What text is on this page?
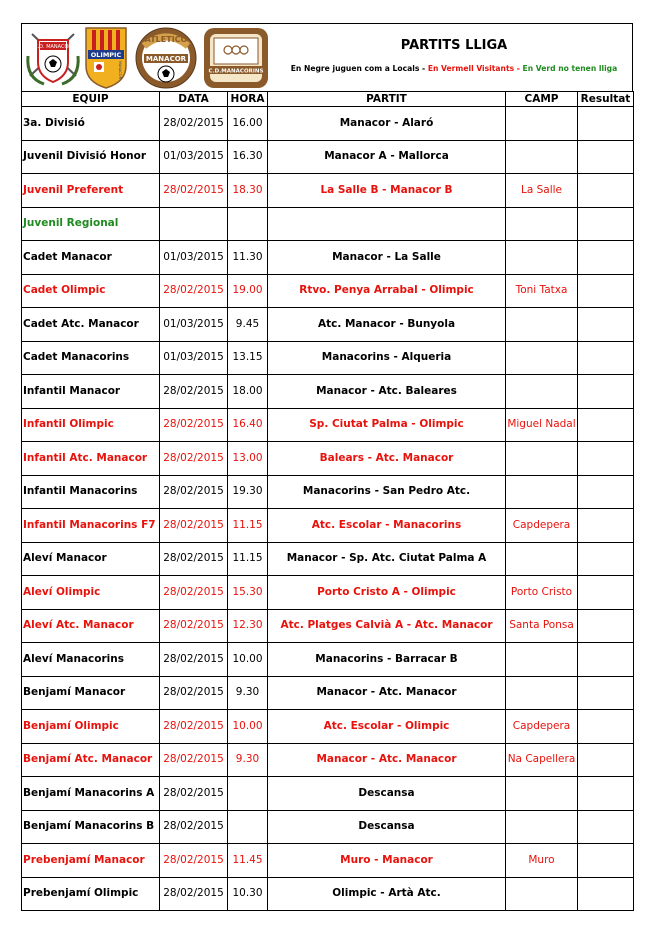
C.D. MANACOR
OLIMPIC
MANACOR
ATLETICO
MANACOR
C.D.MANACORINS
PARTITS LLIGA
En Negre juguen com a Locals - En Vermell Visitants - En Verd no tenen lliga
EQUIP	DATA	HORA	PARTIT	CAMP	Resultat
3a. Divisió	28/02/2015	16.00	Manacor - Alaró		
Juvenil Divisió Honor	01/03/2015	16.30	Manacor A - Mallorca		
Juvenil Preferent	28/02/2015	18.30	La Salle B - Manacor B	La Salle	
Juvenil Regional					
Cadet Manacor	01/03/2015	11.30	Manacor - La Salle		
Cadet Olimpic	28/02/2015	19.00	Rtvo. Penya Arrabal - Olimpic	Toni Tatxa	
Cadet Atc. Manacor	01/03/2015	9.45	Atc. Manacor - Bunyola		
Cadet Manacorins	01/03/2015	13.15	Manacorins - Alqueria		
Infantil Manacor	28/02/2015	18.00	Manacor - Atc. Baleares		
Infantil Olimpic	28/02/2015	16.40	Sp. Ciutat Palma - Olimpic	Miguel Nadal	
Infantil Atc. Manacor	28/02/2015	13.00	Balears - Atc. Manacor		
Infantil Manacorins	28/02/2015	19.30	Manacorins - San Pedro Atc.		
Infantil Manacorins F7	28/02/2015	11.15	Atc. Escolar - Manacorins	Capdepera	
Aleví Manacor	28/02/2015	11.15	Manacor - Sp. Atc. Ciutat Palma A		
Aleví Olimpic	28/02/2015	15.30	Porto Cristo A - Olimpic	Porto Cristo	
Aleví Atc. Manacor	28/02/2015	12.30	Atc. Platges Calvià A - Atc. Manacor	Santa Ponsa	
Aleví Manacorins	28/02/2015	10.00	Manacorins - Barracar B		
Benjamí Manacor	28/02/2015	9.30	Manacor - Atc. Manacor		
Benjamí Olimpic	28/02/2015	10.00	Atc. Escolar - Olimpic	Capdepera	
Benjamí Atc. Manacor	28/02/2015	9.30	Manacor - Atc. Manacor	Na Capellera	
Benjamí Manacorins A	28/02/2015		Descansa		
Benjamí Manacorins B	28/02/2015		Descansa		
Prebenjamí Manacor	28/02/2015	11.45	Muro - Manacor	Muro	
Prebenjamí Olimpic	28/02/2015	10.30	Olimpic - Artà Atc.		
